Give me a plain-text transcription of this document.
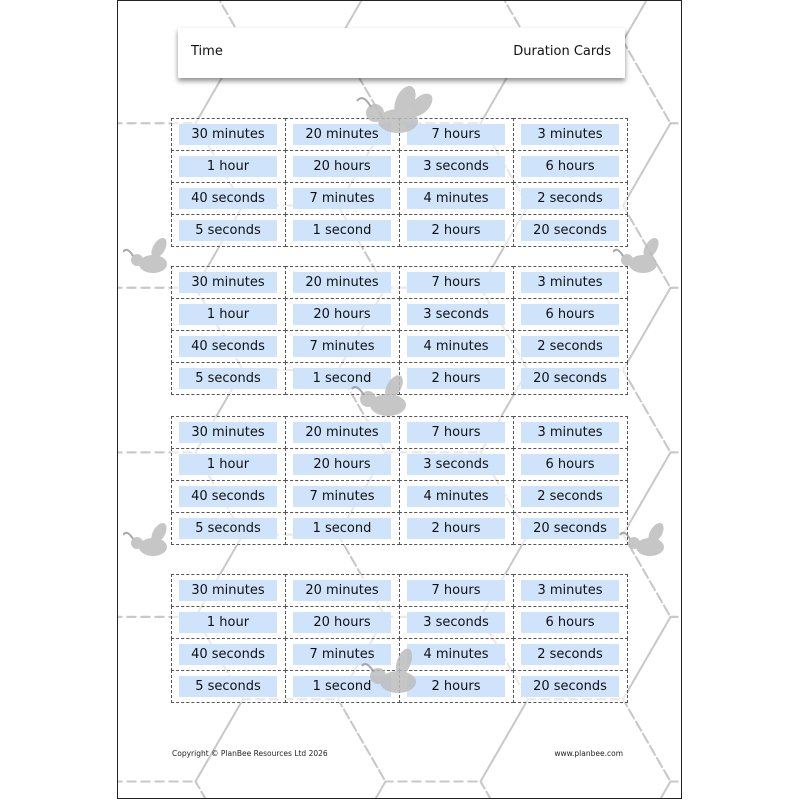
Time	Duration Cards
30 minutes	20 minutes	7 hours	3 minutes
1 hour	20 hours	3 seconds	6 hours
40 seconds	7 minutes	4 minutes	2 seconds
5 seconds	1 second	2 hours	20 seconds
30 minutes	20 minutes	7 hours	3 minutes
1 hour	20 hours	3 seconds	6 hours
40 seconds	7 minutes	4 minutes	2 seconds
5 seconds	1 second	2 hours	20 seconds
30 minutes	20 minutes	7 hours	3 minutes
1 hour	20 hours	3 seconds	6 hours
40 seconds	7 minutes	4 minutes	2 seconds
5 seconds	1 second	2 hours	20 seconds
30 minutes	20 minutes	7 hours	3 minutes
1 hour	20 hours	3 seconds	6 hours
40 seconds	7 minutes	4 minutes	2 seconds
5 seconds	1 second	2 hours	20 seconds
Copyright © PlanBee Resources Ltd 2026	www.planbee.com
